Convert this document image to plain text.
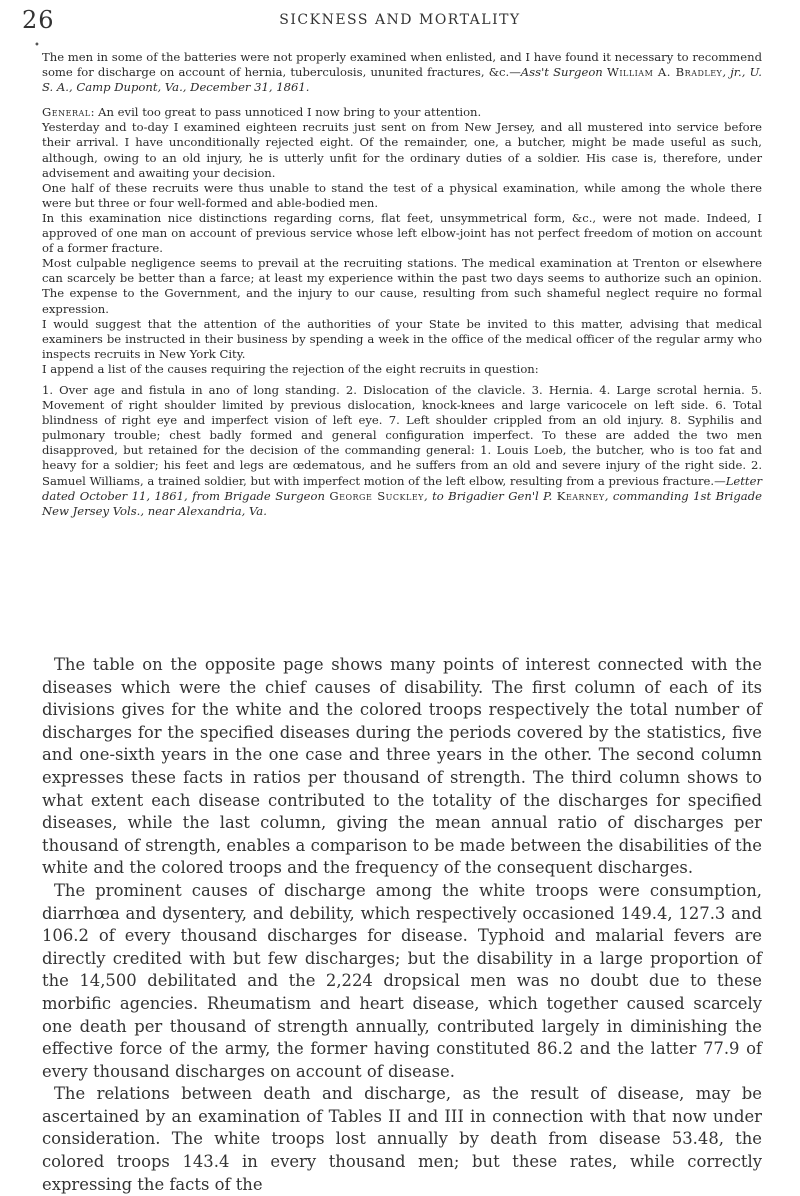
26	SICKNESS AND MORTALITY
•

The men in some of the batteries were not properly examined when enlisted, and I have found it necessary to recommend some for discharge on account of hernia, tuberculosis, ununited fractures, &c.—Ass't Surgeon William A. Bradley, jr., U. S. A., Camp Dupont, Va., December 31, 1861.

General: An evil too great to pass unnoticed I now bring to your attention.

Yesterday and to-day I examined eighteen recruits just sent on from New Jersey, and all mustered into service before their arrival. I have unconditionally rejected eight. Of the remainder, one, a butcher, might be made useful as such, although, owing to an old injury, he is utterly unfit for the ordinary duties of a soldier. His case is, therefore, under advisement and awaiting your decision.

One half of these recruits were thus unable to stand the test of a physical examination, while among the whole there were but three or four well-formed and able-bodied men.

In this examination nice distinctions regarding corns, flat feet, unsymmetrical form, &c., were not made. Indeed, I approved of one man on account of previous service whose left elbow-joint has not perfect freedom of motion on account of a former fracture.

Most culpable negligence seems to prevail at the recruiting stations. The medical examination at Trenton or elsewhere can scarcely be better than a farce; at least my experience within the past two days seems to authorize such an opinion. The expense to the Government, and the injury to our cause, resulting from such shameful neglect require no formal expression.

I would suggest that the attention of the authorities of your State be invited to this matter, advising that medical examiners be instructed in their business by spending a week in the office of the medical officer of the regular army who inspects recruits in New York City.

I append a list of the causes requiring the rejection of the eight recruits in question:

1. Over age and fistula in ano of long standing. 2. Dislocation of the clavicle. 3. Hernia. 4. Large scrotal hernia. 5. Movement of right shoulder limited by previous dislocation, knock-knees and large varicocele on left side. 6. Total blindness of right eye and imperfect vision of left eye. 7. Left shoulder crippled from an old injury. 8. Syphilis and pulmonary trouble; chest badly formed and general configuration imperfect. To these are added the two men disapproved, but retained for the decision of the commanding general: 1. Louis Loeb, the butcher, who is too fat and heavy for a soldier; his feet and legs are œdematous, and he suffers from an old and severe injury of the right side. 2. Samuel Williams, a trained soldier, but with imperfect motion of the left elbow, resulting from a previous fracture.—Letter dated October 11, 1861, from Brigade Surgeon George Suckley, to Brigadier Gen'l P. Kearney, commanding 1st Brigade New Jersey Vols., near Alexandria, Va.

The table on the opposite page shows many points of interest connected with the diseases which were the chief causes of disability. The first column of each of its divisions gives for the white and the colored troops respectively the total number of discharges for the specified diseases during the periods covered by the statistics, five and one-sixth years in the one case and three years in the other. The second column expresses these facts in ratios per thousand of strength. The third column shows to what extent each disease contributed to the totality of the discharges for specified diseases, while the last column, giving the mean annual ratio of discharges per thousand of strength, enables a comparison to be made between the disabilities of the white and the colored troops and the frequency of the consequent discharges.

The prominent causes of discharge among the white troops were consumption, diarrhœa and dysentery, and debility, which respectively occasioned 149.4, 127.3 and 106.2 of every thousand discharges for disease. Typhoid and malarial fevers are directly credited with but few discharges; but the disability in a large proportion of the 14,500 debilitated and the 2,224 dropsical men was no doubt due to these morbific agencies. Rheumatism and heart disease, which together caused scarcely one death per thousand of strength annually, contributed largely in diminishing the effective force of the army, the former having constituted 86.2 and the latter 77.9 of every thousand discharges on account of disease.

The relations between death and discharge, as the result of disease, may be ascertained by an examination of Tables II and III in connection with that now under consideration. The white troops lost annually by death from disease 53.48, the colored troops 143.4 in every thousand men; but these rates, while correctly expressing the facts of the
